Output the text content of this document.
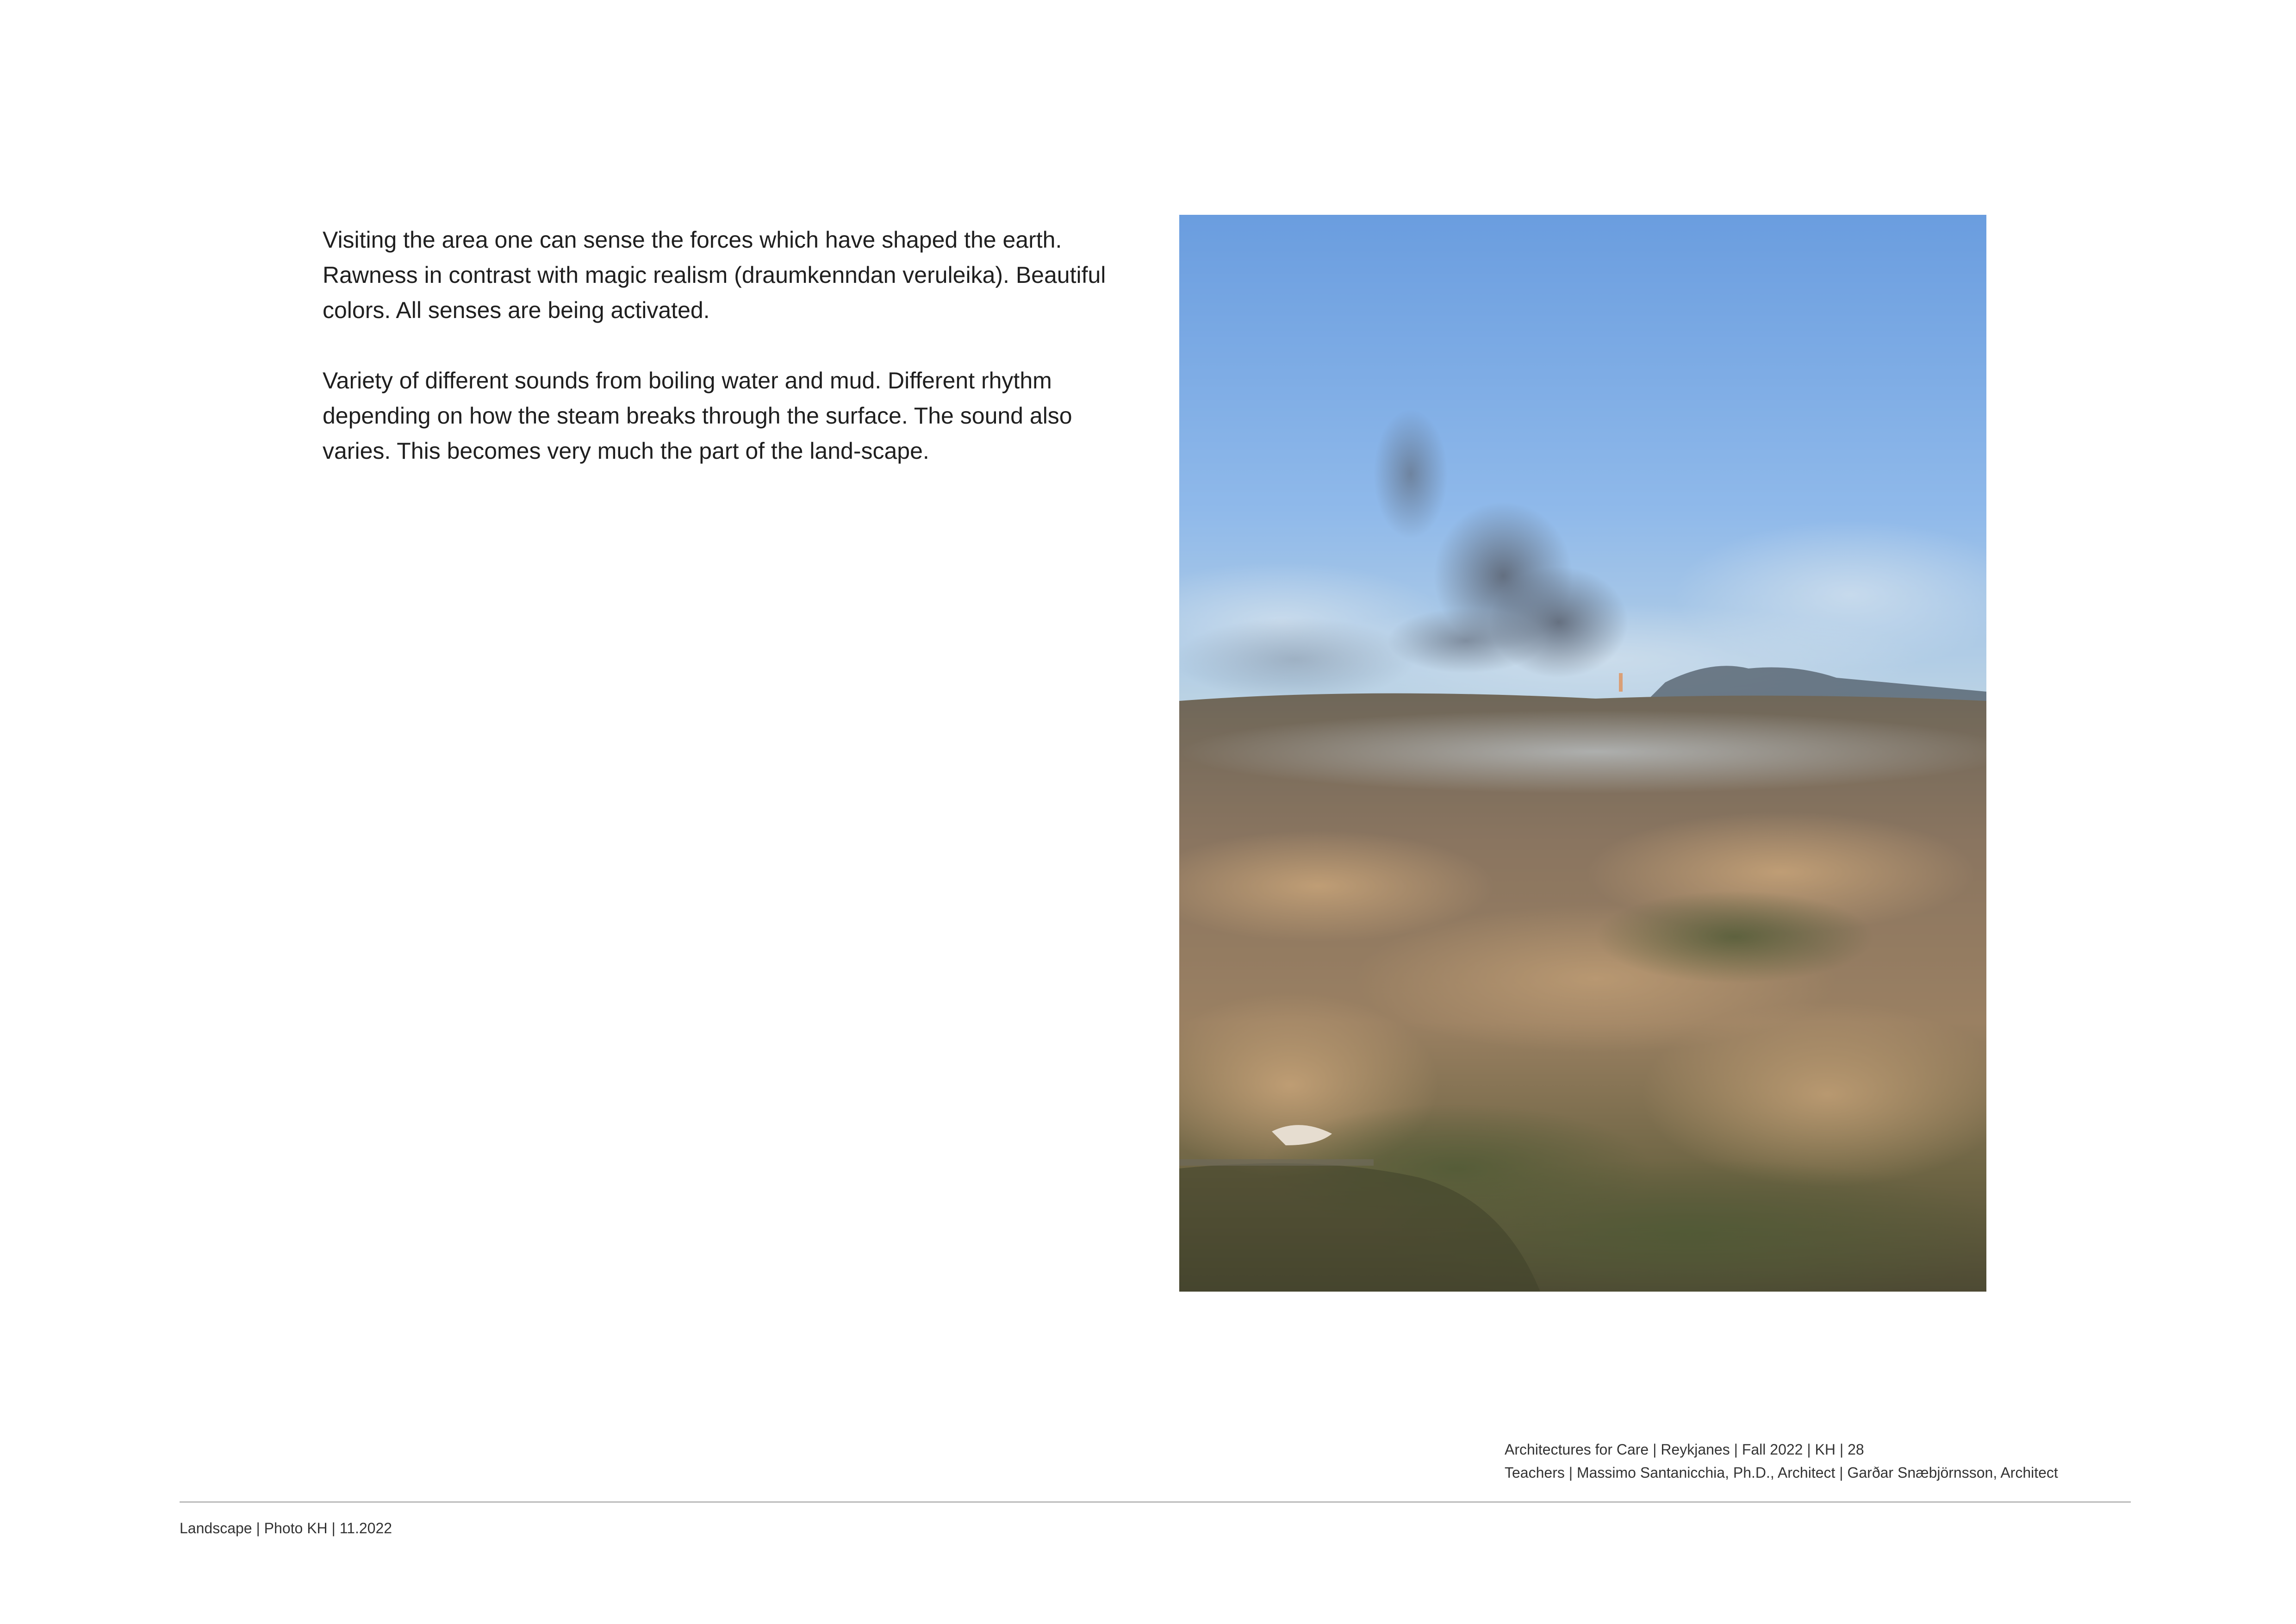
Visiting the area one can sense the forces which have shaped the earth. Rawness in contrast with magic realism (draumkenndan veruleika). Beautiful colors. All senses are being activated.

Variety of different sounds from boiling water and mud. Different rhythm depending on how the steam breaks through the surface. The sound also varies. This becomes very much the part of the land-scape.

Architectures for Care | Reykjanes | Fall 2022 | KH | 28
Teachers | Massimo Santanicchia, Ph.D., Architect | Garðar Snæbjörnsson, Architect
Landscape | Photo KH | 11.2022
